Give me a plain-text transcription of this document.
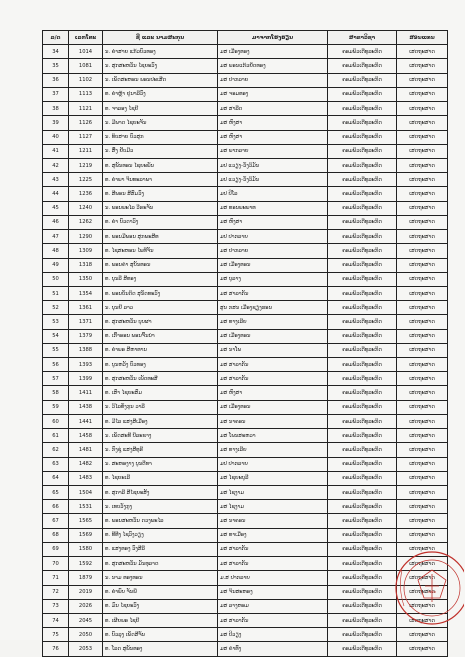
ລ/ດ	ເລກໂຕະ	ຊື່ ແລະ ນາມສະກຸນ	ມາຈາກໂຮງຮຽນ	ສາຂາວິຊາ	ສອນແທນ
34	1014	ນ. ຄຳສາຍ ແກ້ວບົວທອງ	ມສ ເມືອງທອງ	ຄອມພິວເຕີທຸລະກິດ	ເສດຖະສາດ
35	1081	ນ. ສຸກສະຫວັນ ໄຊຍະວົງ	ມສ ພອນແກ້ວຍຶດທອງ	ຄອມພິວເຕີທຸລະກິດ	ເສດຖະສາດ
36	1102	ນ. ເພັດສະຫອນ ພອນປະເສີດ	ມສ ປາກລາຍ	ຄອມພິວເຕີທຸລະກິດ	ເສດຖະສາດ
37	1113	ທ. ຄຳຫຼ້າ ຢູນາລີວົງ	ມສ ຈອມທອງ	ຄອມພິວເຕີທຸລະກິດ	ເສດຖະສາດ
38	1121	ທ. ຈາລອງ ໄຊຍີ	ມສ ສາລີດ	ຄອມພິວເຕີທຸລະກິດ	ເສດຖະສາດ
39	1126	ນ. ມີພາດ ໄຊຍະຈັນ	ມສ ຫົງສາ	ຄອມພິວເຕີທຸລະກິດ	ເສດຖະສາດ
40	1127	ນ. ທິບສາຍ ບົວສຸກ	ມສ ຫົງສາ	ຄອມພິວເຕີທຸລະກິດ	ເສດຖະສາດ
41	1211	ນ. ສົ້ງ ຢັບມີວ	ມສ ພາກລາຍ	ຄອມພິວເຕີທຸລະກິດ	ເສດຖະສາດ
42	1219	ທ. ສຸພັນທອນ ໄຊຍະພັນ	ມປ ແວຽງ-ວັງວິມັນ	ຄອມພິວເຕີທຸລະກິດ	ເສດຖະສາດ
43	1225	ທ. ຄຳພາ ຈິນທະລາພາ	ມປ ແວຽງ-ວັງວິມັນ	ຄອມພິວເຕີທຸລະກິດ	ເສດຖະສາດ
44	1236	ທ. ສີພອນ ສີສົມວົງ	ມປ ປິໂລ	ຄອມພິວເຕີທຸລະກິດ	ເສດຖະສາດ
45	1240	ນ. ພອນພະໄລ ວີຣະຈັນ	ມສ ທອນພະພາທ	ຄອມພິວເຕີທຸລະກິດ	ເສດຖະສາດ
46	1262	ທ. ຄຳ ບົວດາວົງ	ມສ ຫົງສາ	ຄອມພິວເຕີທຸລະກິດ	ເສດຖະສາດ
47	1290	ທ. ພອນມີພອນ ສຸກພະສີທ	ມປ ປາກລາຍ	ຄອມພິວເຕີທຸລະກິດ	ເສດຖະສາດ
48	1309	ທ. ໄຊສະຫອນ ໄພທີຈັນ	ມສ ປາກລາຍ	ຄອມພິວເຕີທຸລະກິດ	ເສດຖະສາດ
49	1318	ທ. ພອນຄຳ ສຸບັນທອນ	ມສ ເມືອງທອນ	ຄອມພິວເຕີທຸລະກິດ	ເສດຖະສາດ
50	1350	ທ. ບຸນລີ ສີທອງ	ມສ ບູລາງ	ຄອມພິວເຕີທຸລະກິດ	ເສດຖະສາດ
51	1354	ທ. ພອນບັນດິດ ສຸນັດທະວົງ	ມສ ສາລາກັນ	ຄອມພິວເຕີທຸລະກິດ	ເສດຖະສາດ
52	1361	ນ. ບຸນຍີ ລາວ	ສູນ ກສນ ເມືອງຊຽງຮອນ	ຄອມພິວເຕີທຸລະກິດ	ເສດຖະສາດ
53	1371	ທ. ສຸກສະຫວັນ ບຸບຜາ	ມສ ທາງເລີຍ	ຄອມພິວເຕີທຸລະກິດ	ເສດຖະສາດ
54	1379	ທ. ເກົ້າອອນ ພອນຈົ້ນນຳ	ມສ ເມືອງທອນ	ຄອມພິວເຕີທຸລະກິດ	ເສດຖະສາດ
55	1388	ທ. ຄຳພອ ສີຫາທານ	ມສ ນາໂພ	ຄອມພິວເຕີທຸລະກິດ	ເສດຖະສາດ
56	1393	ທ. ບູນຫວັງ ບົວທອງ	ມສ ສາລາກັນ	ຄອມພິວເຕີທຸລະກິດ	ເສດຖະສາດ
57	1399	ທ. ສຸກສະຫວັນ ເພັດທະສີ	ມສ ສາລາກັນ	ຄອມພິວເຕີທຸລະກິດ	ເສດຖະສາດ
58	1411	ທ. ເສົາ ໄຊຍະສົມ	ມສ ຫົງສາ	ຄອມພິວເຕີທຸລະກິດ	ເສດຖະສາດ
59	1438	ນ. ວິໄລທັງກຸນ ວາລີ	ມສ ເມືອງທອນ	ຄອມພິວເຕີທຸລະກິດ	ເສດຖະສາດ
60	1441	ທ. ມີໄລ ແສງສີເມືອງ	ມສ ນາຄອນ	ຄອມພິວເຕີທຸລະກິດ	ເສດຖະສາດ
61	1458	ນ. ເພັດສະທີ ບີລະຂາງ	ມສ ໂພນສະຫວາ	ຄອມພິວເຕີທຸລະກິດ	ເສດຖະສາດ
62	1481	ນ. ກົງຊຸ່ ແສງສີທຸຣີ	ມສ ທາງເລີຍ	ຄອມພິວເຕີທຸລະກິດ	ເສດຖະສາດ
63	1482	ນ. ສະຫອງາງ ບູນຕີທາ	ມປ ປາກລາຍ	ຄອມພິວເຕີທຸລະກິດ	ເສດຖະສາດ
64	1483	ທ. ໄຊຍະເລີ	ມສ ໄຊຍະບູລີ	ຄອມພິວເຕີທຸລະກິດ	ເສດຖະສາດ
65	1504	ທ. ສຸກາລີ ສີໄຊຍະສັງ	ມສ ໄຊງາມ	ຄອມພິວເຕີທຸລະກິດ	ເສດຖະສາດ
66	1531	ນ. ເທບວັງກູງ	ມສ ໄຊງາມ	ຄອມພິວເຕີທຸລະກິດ	ເສດຖະສາດ
67	1565	ທ. ພອນສະຫວັນ ດວງພະໄລ	ມສ ນາຄອນ	ຄອມພິວເຕີທຸລະກິດ	ເສດຖະສາດ
68	1569	ທ. ທີທີງ ໄຊວົງວຽງ	ມສ ທາເມືອງ	ຄອມພິວເຕີທຸລະກິດ	ເສດຖະສາດ
69	1580	ທ. ແສງທອງ ວົງສີລີ	ມສ ສາລາກັນ	ຄອມພິວເຕີທຸລະກິດ	ເສດຖະສາດ
70	1592	ທ. ສຸກສະຫວັນ ມັ່ນທຸລາດ	ມສ ສາລາກັນ	ຄອມພິວເຕີທຸລະກິດ	ເສດຖະສາດ
71	1879	ນ. ນາມ ທອງທອນ	ມ.ສ ປາກລາຍ	ຄອມພິວເຕີທຸລະກິດ	ເສດຖະສາດ
72	2019	ທ. ຄຳພົບ ຈັນພີ	ມສ ຈິນສະຫອງ	ຄອມພິວເຕີທຸລະກິດ	ເສດຖະສາດ
73	2026	ທ. ມົນ ໄຊຍະວົງ	ມສ ລາງຫອມ	ຄອມພິວເຕີທຸລະກິດ	ເສດຖະສາດ
74	2045	ທ. ເຜີຍພອ ໄຊຍີ	ມສ ສາລາກັນ	ຄອມພິວເຕີທຸລະກິດ	ເສດຖະສາດ
75	2050	ທ. ບົວລຸງ ເພັດສີຈັນ	ມສ ປິວຽງ	ຄອມພິວເຕີທຸລະກິດ	ເສດຖະສາດ
76	2053	ທ. ໂລດ ສຸພັນທອງ	ມສ ຄຳທົ່ງ	ຄອມພິວເຕີທຸລະກິດ	ເສດຖະສາດ
